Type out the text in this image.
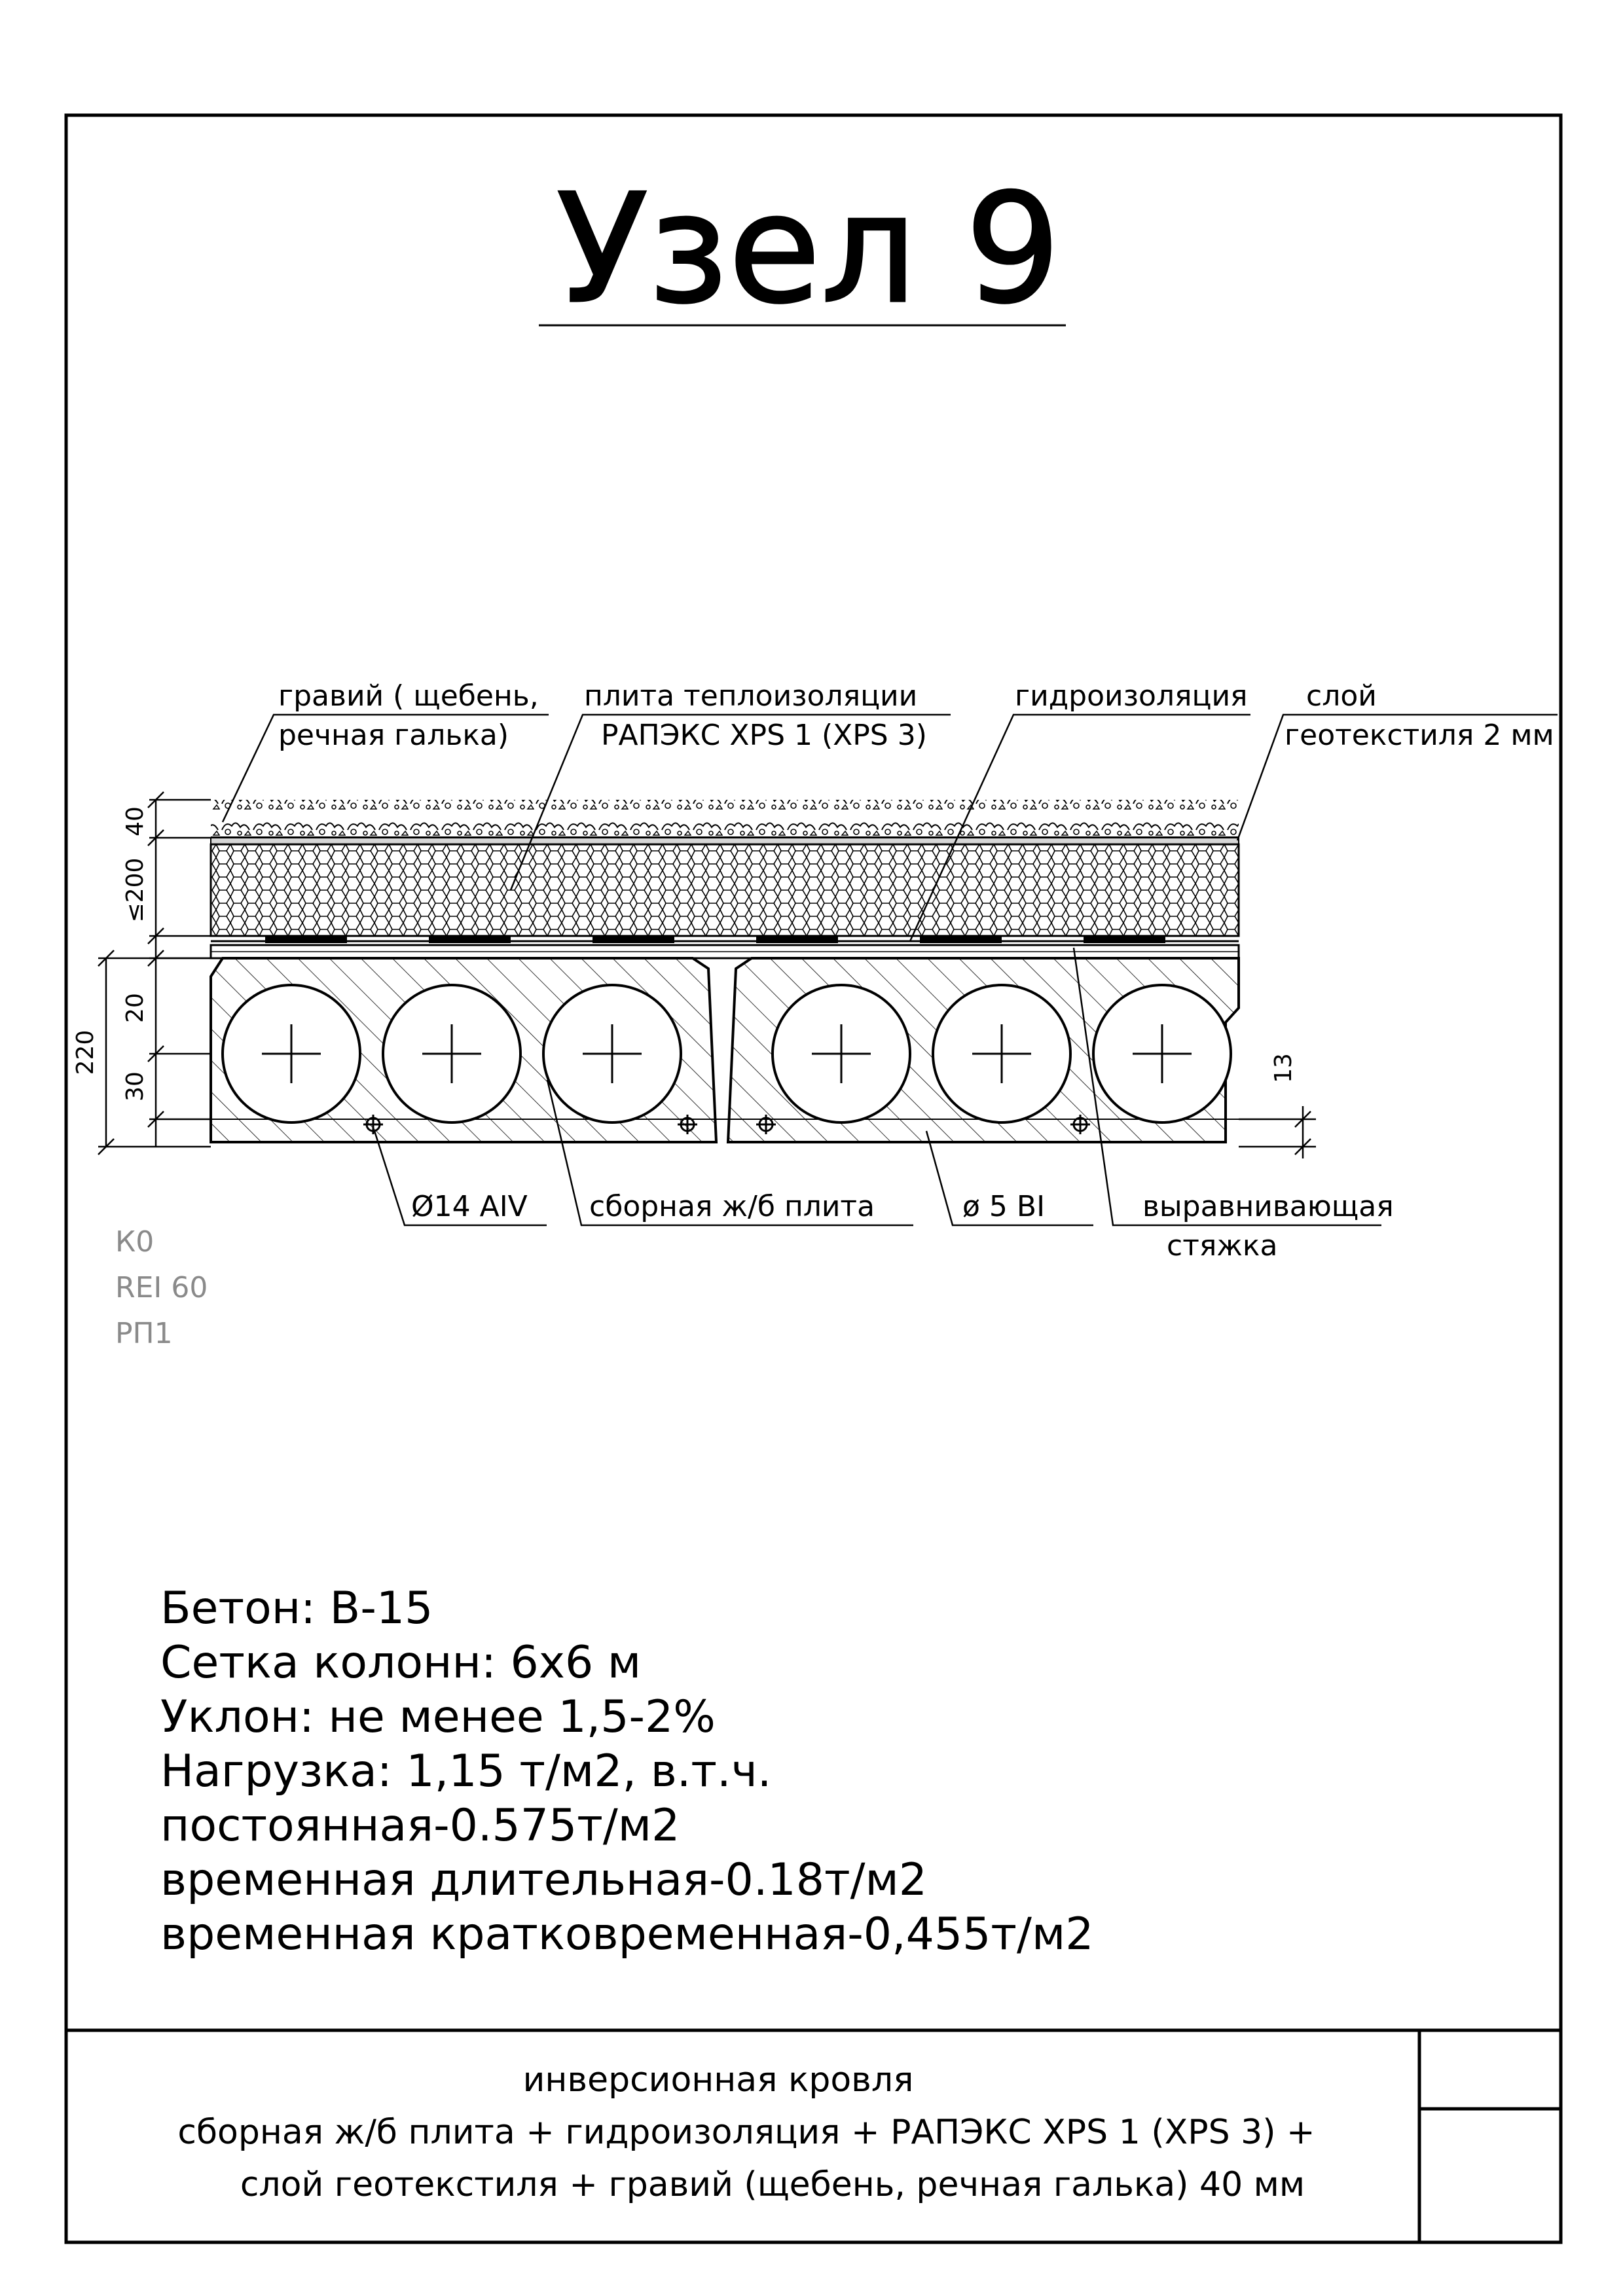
Узел 9
40
≤200
20
30
220	13
гравий ( щебень,
речная галька)
плита теплоизоляции
РАПЭКС XPS 1 (XPS 3)
гидроизоляция слой
геотекстиля 2 мм
Ø14 AIV сборная ж/б плита	ø 5 BI	выравнивающая
стяжка
К0
REI 60
РП1
Бетон: В-15
Сетка колонн: 6х6 м
Уклон: не менее 1,5-2%
Нагрузка: 1,15 т/м2, в.т.ч.
постоянная-0.575т/м2
временная длительная-0.18т/м2
временная кратковременная-0,455т/м2
инверсионная кровля
сборная ж/б плита + гидроизоляция + РАПЭКС XPS 1 (XPS 3) +
слой геотекстиля + гравий (щебень, речная галька) 40 мм
